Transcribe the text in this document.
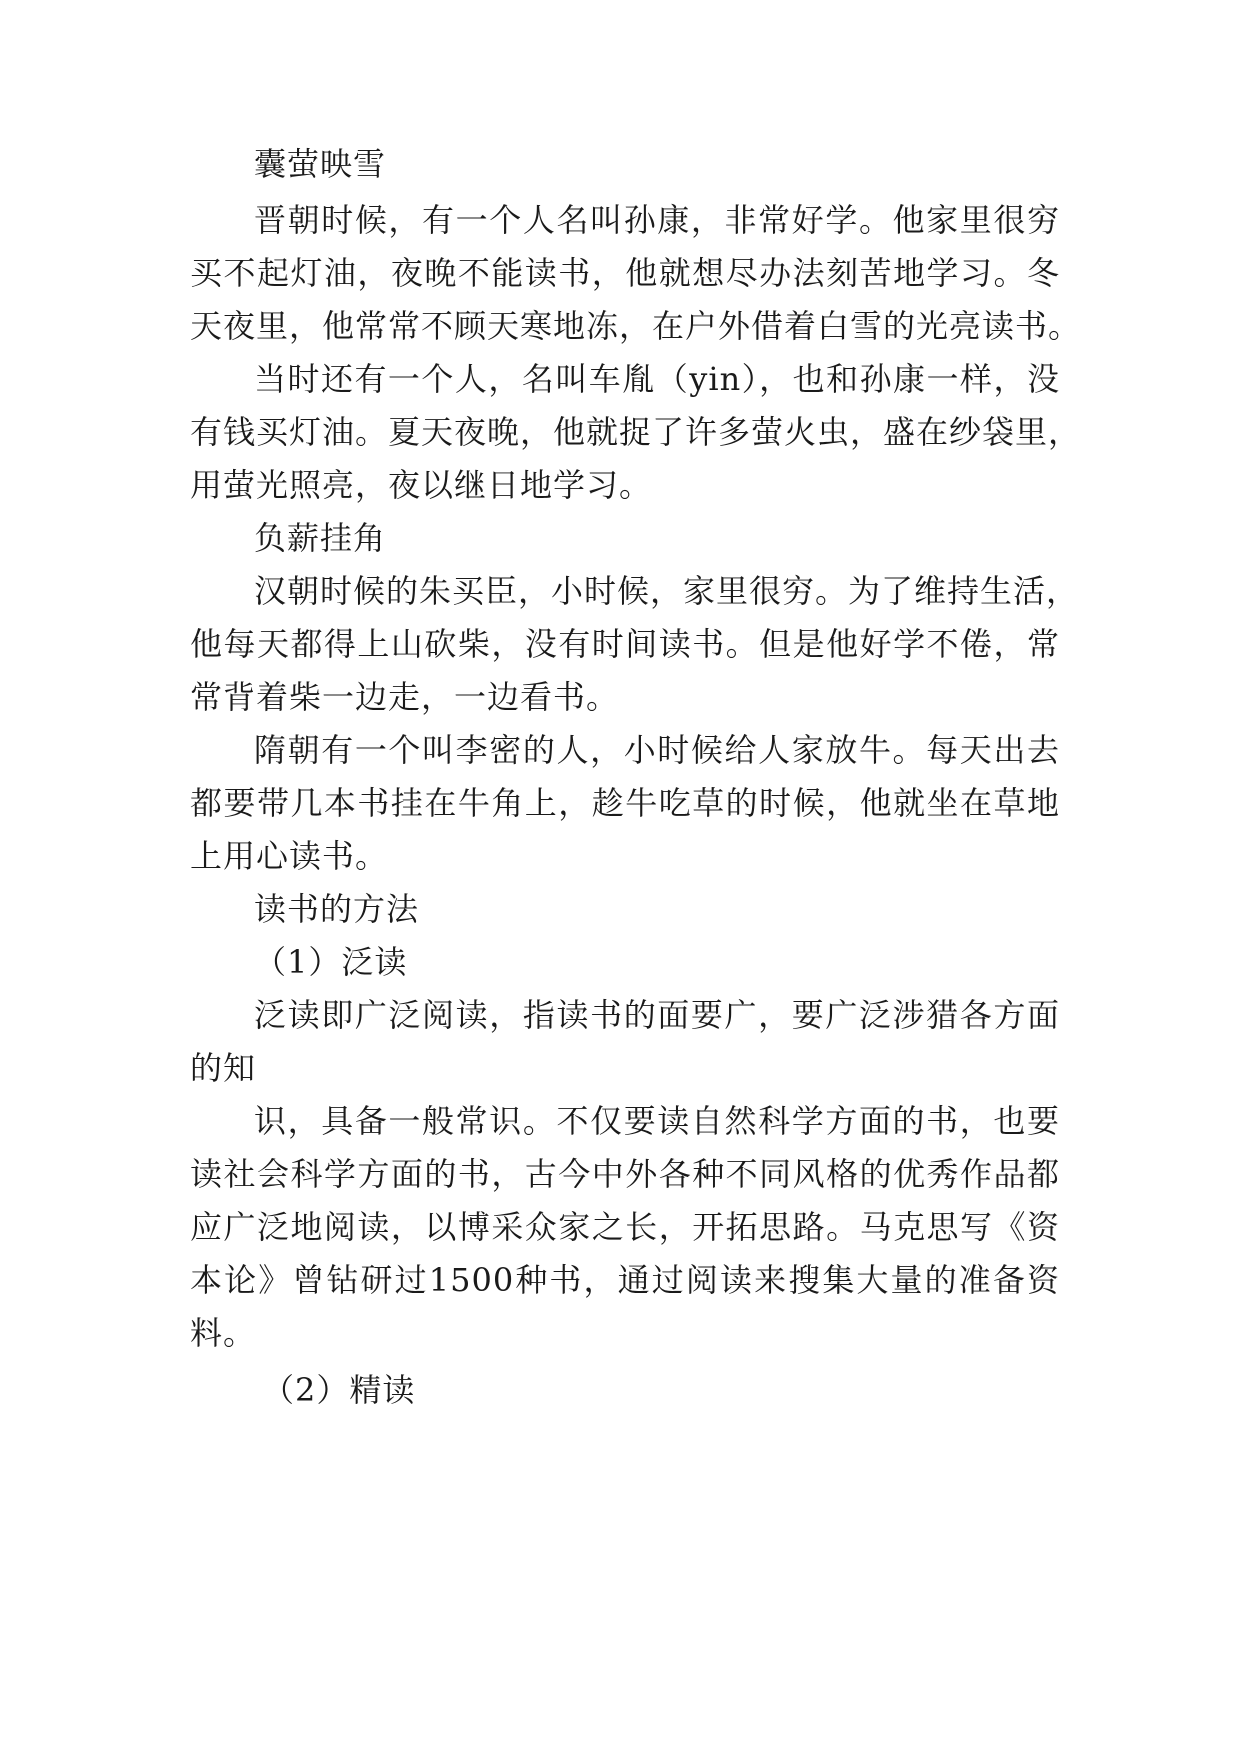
囊萤映雪
晋朝时候，有一个人名叫孙康，非常好学。他家里很穷
买不起灯油，夜晚不能读书，他就想尽办法刻苦地学习。冬
天夜里，他常常不顾天寒地冻，在户外借着白雪的光亮读书。
当时还有一个人，名叫车胤（yin），也和孙康一样，没
有钱买灯油。夏天夜晚，他就捉了许多萤火虫，盛在纱袋里，
用萤光照亮，夜以继日地学习。
负薪挂角
汉朝时候的朱买臣，小时候，家里很穷。为了维持生活，
他每天都得上山砍柴，没有时间读书。但是他好学不倦，常
常背着柴一边走，一边看书。
隋朝有一个叫李密的人，小时候给人家放牛。每天出去
都要带几本书挂在牛角上，趁牛吃草的时候，他就坐在草地
上用心读书。
读书的方法
（1）泛读
泛读即广泛阅读，指读书的面要广，要广泛涉猎各方面
的知
识，具备一般常识。不仅要读自然科学方面的书，也要
读社会科学方面的书，古今中外各种不同风格的优秀作品都
应广泛地阅读，以博采众家之长，开拓思路。马克思写《资
本论》曾钻研过1500种书，通过阅读来搜集大量的准备资
料。
（2）精读
